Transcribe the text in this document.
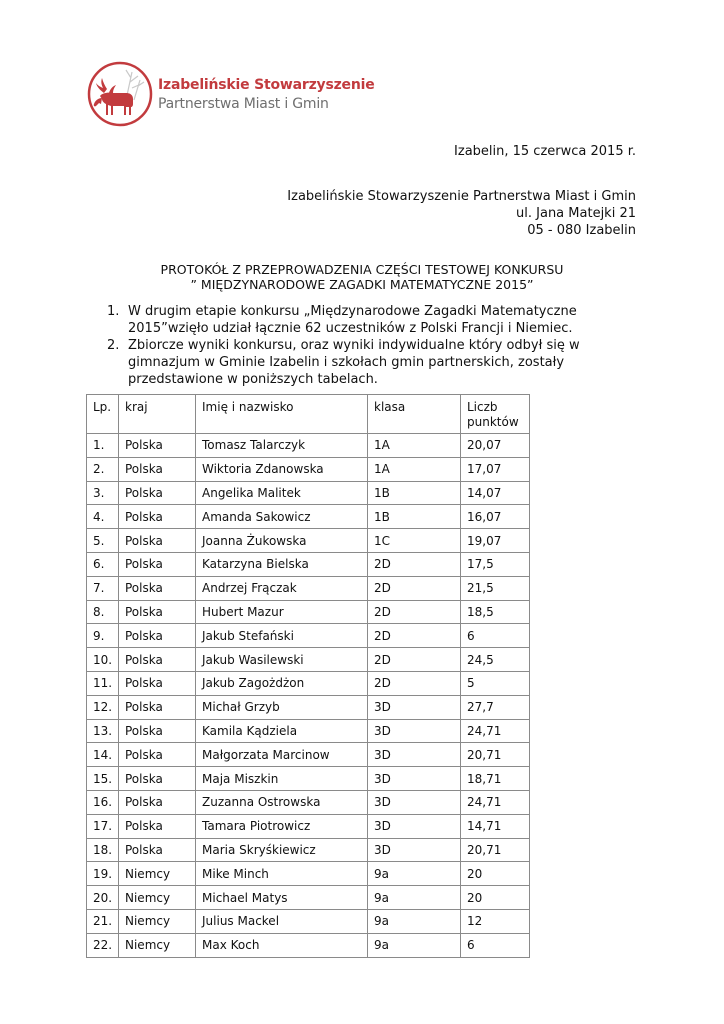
Izabelińskie Stowarzyszenie
Partnerstwa Miast i Gmin
Izabelin, 15 czerwca 2015 r.
Izabelińskie Stowarzyszenie Partnerstwa Miast i Gmin
ul. Jana Matejki 21
05 - 080 Izabelin
PROTOKÓŁ Z PRZEPROWADZENIA CZĘŚCI TESTOWEJ KONKURSU
” MIĘDZYNARODOWE ZAGADKI MATEMATYCZNE 2015”
1. W drugim etapie konkursu „Międzynarodowe Zagadki Matematyczne 2015”wzięło udział łącznie 62 uczestników z Polski Francji i Niemiec.
2. Zbiorcze wyniki konkursu, oraz wyniki indywidualne który odbył się w gimnazjum w Gminie Izabelin i szkołach gmin partnerskich, zostały przedstawione w poniższych tabelach.
Lp.	kraj	Imię i nazwisko	klasa	Liczb punktów
1.	Polska	Tomasz Talarczyk	1A	20,07
2.	Polska	Wiktoria Zdanowska	1A	17,07
3.	Polska	Angelika Malitek	1B	14,07
4.	Polska	Amanda Sakowicz	1B	16,07
5.	Polska	Joanna Żukowska	1C	19,07
6.	Polska	Katarzyna Bielska	2D	17,5
7.	Polska	Andrzej Frączak	2D	21,5
8.	Polska	Hubert Mazur	2D	18,5
9.	Polska	Jakub Stefański	2D	6
10.	Polska	Jakub Wasilewski	2D	24,5
11.	Polska	Jakub Zagożdżon	2D	5
12.	Polska	Michał Grzyb	3D	27,7
13.	Polska	Kamila Kądziela	3D	24,71
14.	Polska	Małgorzata Marcinow	3D	20,71
15.	Polska	Maja Miszkin	3D	18,71
16.	Polska	Zuzanna Ostrowska	3D	24,71
17.	Polska	Tamara Piotrowicz	3D	14,71
18.	Polska	Maria Skryśkiewicz	3D	20,71
19.	Niemcy	Mike Minch	9a	20
20.	Niemcy	Michael Matys	9a	20
21.	Niemcy	Julius Mackel	9a	12
22.	Niemcy	Max Koch	9a	6
